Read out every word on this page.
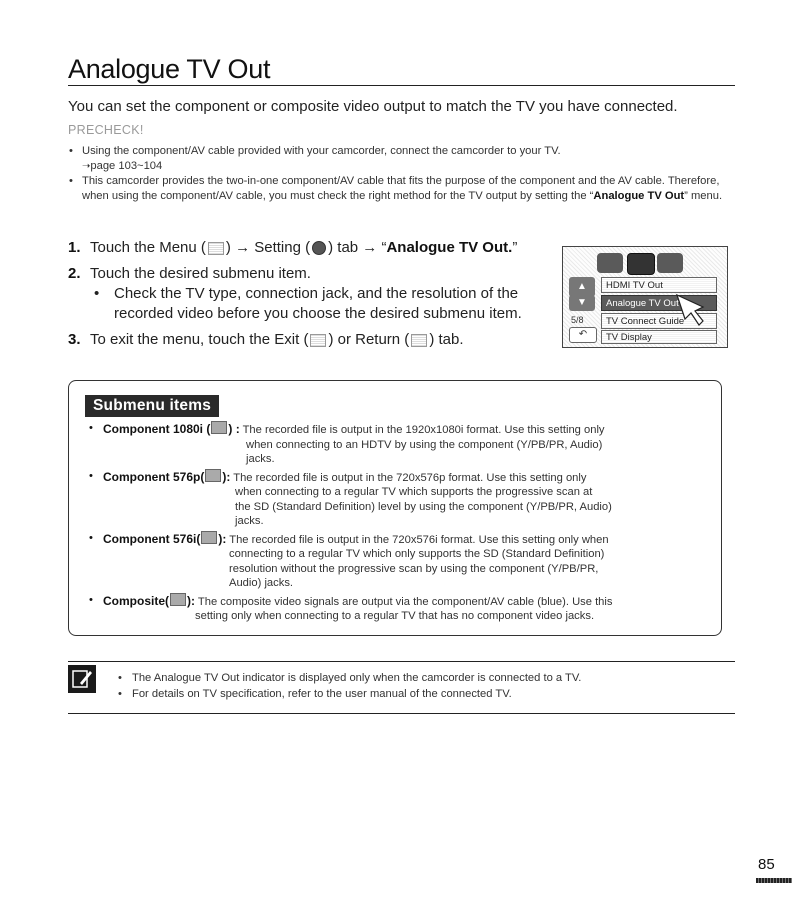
Analogue TV Out
You can set the component or composite video output to match the TV you have connected.
PRECHECK!
• Using the component/AV cable provided with your camcorder, connect the camcorder to your TV.
➝page 103~104
• This camcorder provides the two-in-one component/AV cable that fits the purpose of the component and the AV cable. Therefore, when using the component/AV cable, you must check the right method for the TV output by setting the “Analogue TV Out” menu.
1. Touch the Menu ( ) → Setting ( ) tab → “Analogue TV Out.”
2. Touch the desired submenu item.
• Check the TV type, connection jack, and the resolution of the recorded video before you choose the desired submenu item.
3. To exit the menu, touch the Exit ( ) or Return ( ) tab.
▲
▼
5/8
↶
HDMI TV Out
Analogue TV Out
TV Connect Guide
TV Display
Submenu items
• Component 1080i ( ) : The recorded file is output in the 1920x1080i format. Use this setting only
when connecting to an HDTV by using the component (Y/PB/PR, Audio)
jacks.
• Component 576p( ): The recorded file is output in the 720x576p format. Use this setting only
when connecting to a regular TV which supports the progressive scan at
the SD (Standard Definition) level by using the component (Y/PB/PR, Audio)
jacks.
• Component 576i( ): The recorded file is output in the 720x576i format. Use this setting only when
connecting to a regular TV which only supports the SD (Standard Definition)
resolution without the progressive scan by using the component (Y/PB/PR,
Audio) jacks.
• Composite( ): The composite video signals are output via the component/AV cable (blue). Use this
setting only when connecting to a regular TV that has no component video jacks.
• The Analogue TV Out indicator is displayed only when the camcorder is connected to a TV.
• For details on TV specification, refer to the user manual of the connected TV.
85
